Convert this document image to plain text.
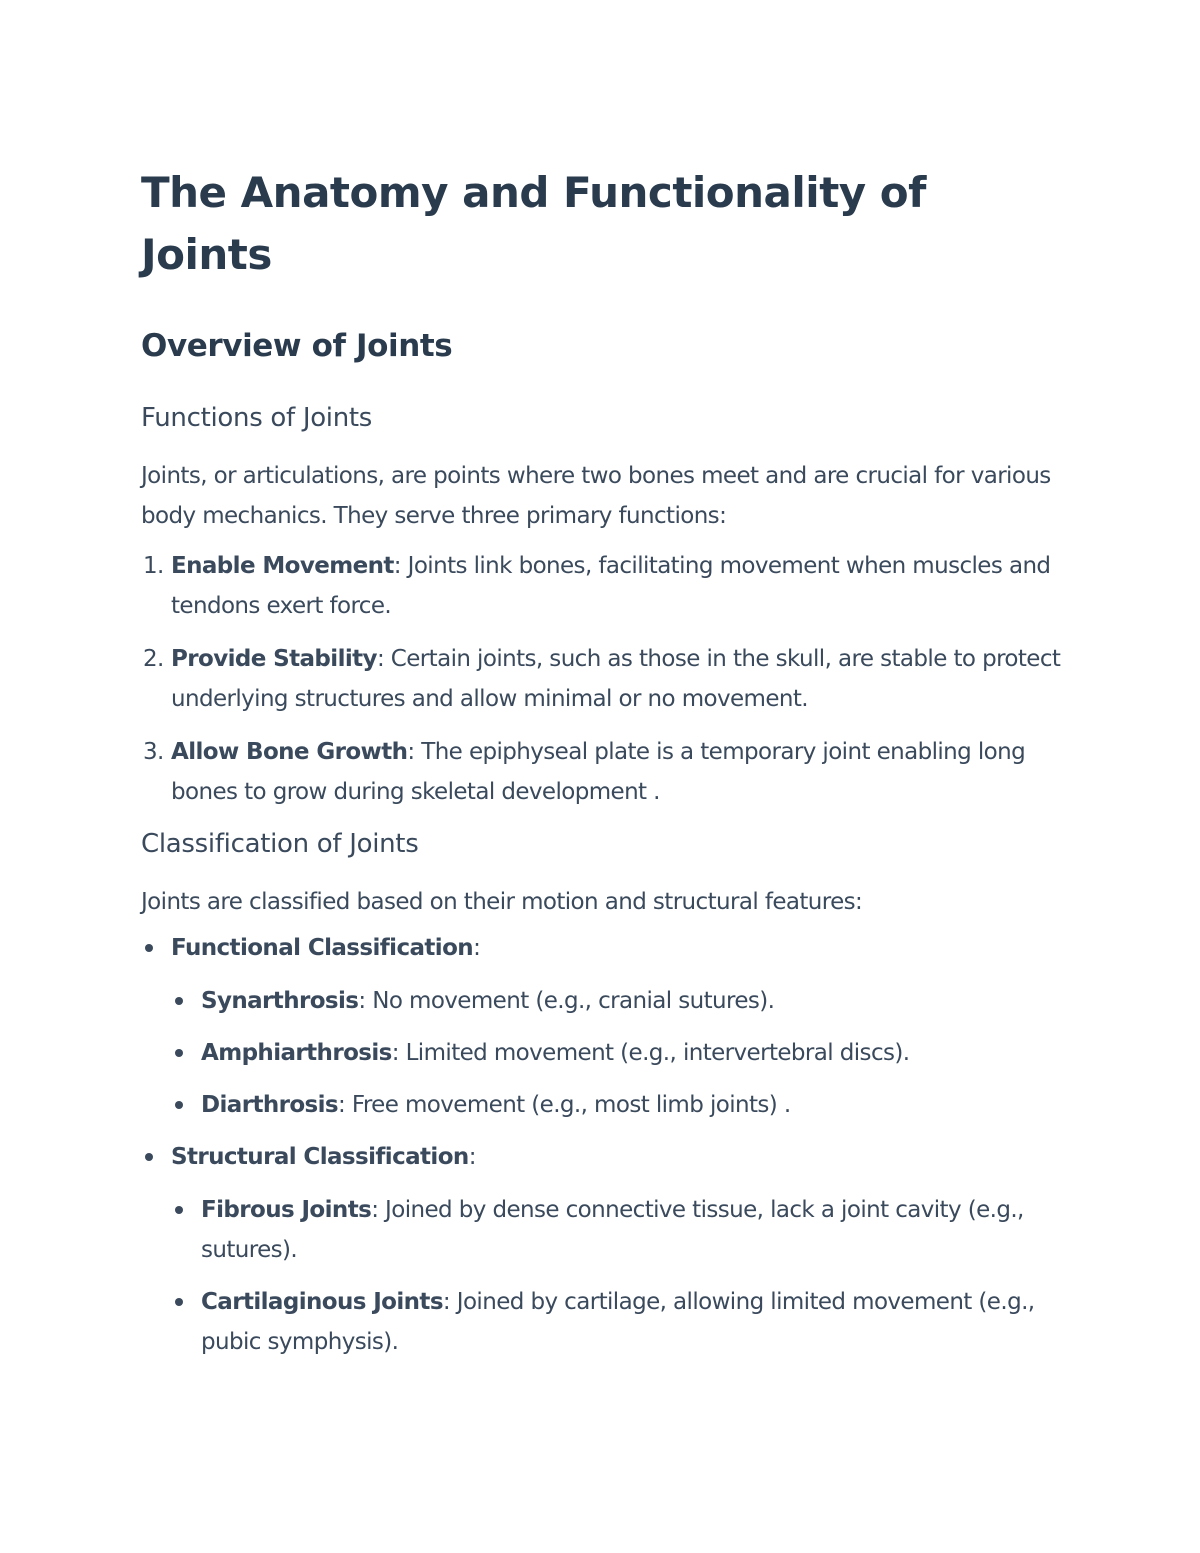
The Anatomy and Functionality of Joints
Overview of Joints
Functions of Joints

Joints, or articulations, are points where two bones meet and are crucial for various body mechanics. They serve three primary functions:

1. Enable Movement: Joints link bones, facilitating movement when muscles and tendons exert force.
2. Provide Stability: Certain joints, such as those in the skull, are stable to protect underlying structures and allow minimal or no movement.
3. Allow Bone Growth: The epiphyseal plate is a temporary joint enabling long bones to grow during skeletal development .
Classification of Joints

Joints are classified based on their motion and structural features:

Functional Classification:
Synarthrosis: No movement (e.g., cranial sutures).
Amphiarthrosis: Limited movement (e.g., intervertebral discs).
Diarthrosis: Free movement (e.g., most limb joints) .
Structural Classification:
Fibrous Joints: Joined by dense connective tissue, lack a joint cavity (e.g., sutures).
Cartilaginous Joints: Joined by cartilage, allowing limited movement (e.g., pubic symphysis).
